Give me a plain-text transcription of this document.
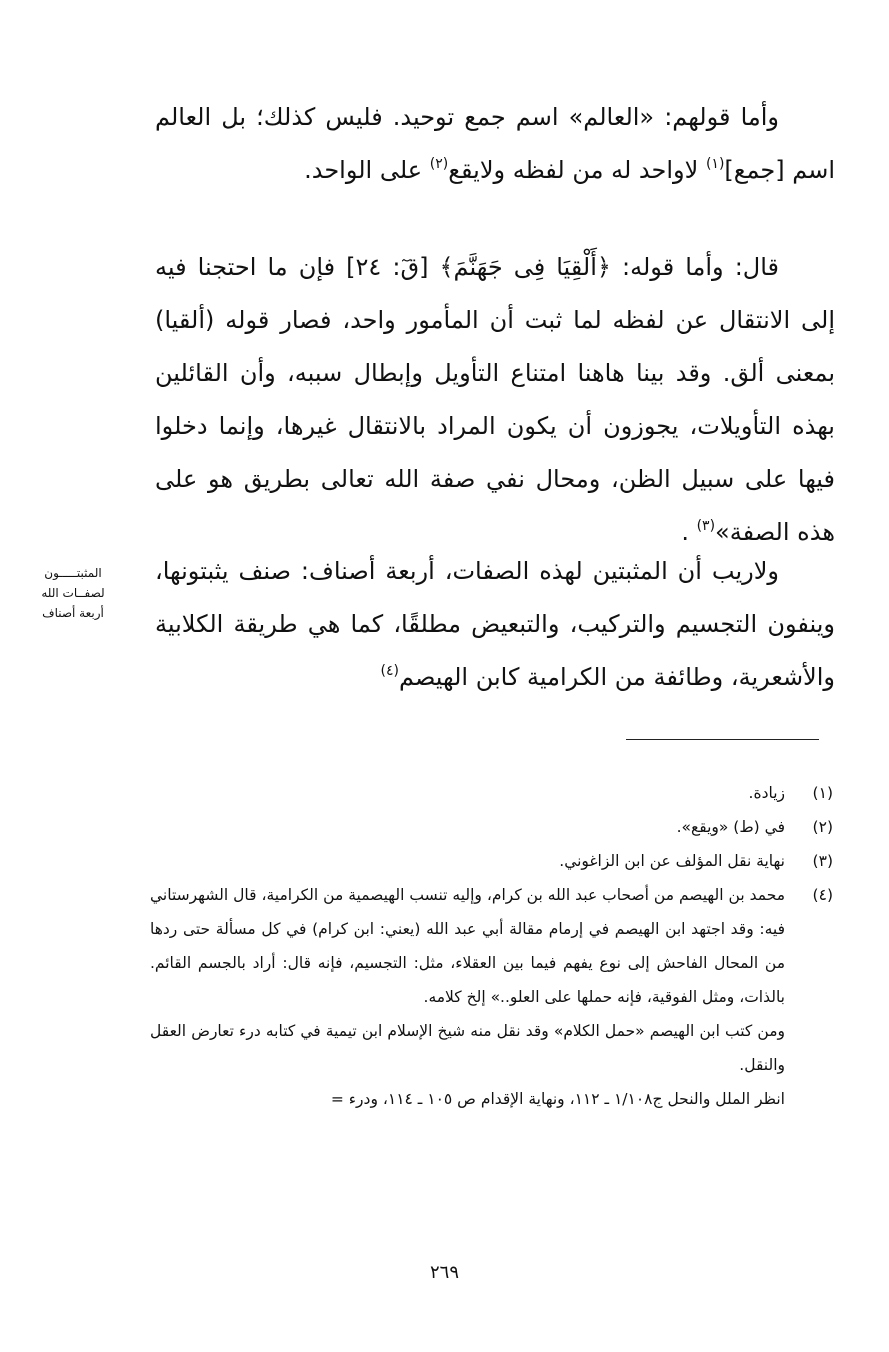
وأما قولهم: «العالم» اسم جمع توحيد. فليس كذلك؛ بل العالم اسم [جمع]$^{(١)}$ لاواحد له من لفظه ولايقع$^{(٢)}$ على الواحد.

قال: وأما قوله: ﴿أَلْقِيَا فِى جَهَنَّمَ﴾ [قٓ: ٢٤] فإن ما احتجنا فيه إلى الانتقال عن لفظه لما ثبت أن المأمور واحد، فصار قوله (ألقيا) بمعنى ألق. وقد بينا هاهنا امتناع التأويل وإبطال سببه، وأن القائلين بهذه التأويلات، يجوزون أن يكون المراد بالانتقال غيرها، وإنما دخلوا فيها على سبيل الظن، ومحال نفي صفة الله تعالى بطريق هو على هذه الصفة»$^{(٣)}$ .

ولاريب أن المثبتين لهذه الصفات، أربعة أصناف: صنف يثبتونها، وينفون التجسيم والتركيب، والتبعيض مطلقًا، كما هي طريقة الكلابية والأشعرية، وطائفة من الكرامية كابن الهيصم$^{(٤)}$

المثبتـــــون
لصفــات الله
أربعة أصناف
(١)

زيادة.

(٢)

في (ط) «ويقع».

(٣)

نهاية نقل المؤلف عن ابن الزاغوني.

(٤)

محمد بن الهيصم من أصحاب عبد الله بن كرام، وإليه تنسب الهيصمية من الكرامية، قال الشهرستاني فيه: وقد اجتهد ابن الهيصم في إرمام مقالة أبي عبد الله (يعني: ابن كرام) في كل مسألة حتى ردها من المحال الفاحش إلى نوع يفهم فيما بين العقلاء، مثل: التجسيم، فإنه قال: أراد بالجسم القائم. بالذات، ومثل الفوقية، فإنه حملها على العلو..» إلخ كلامه.

ومن كتب ابن الهيصم «حمل الكلام» وقد نقل منه شيخ الإسلام ابن تيمية في كتابه درء تعارض العقل والنقل.

انظر الملل والنحل ج١/١٠٨ ـ ١١٢، ونهاية الإقدام ص ١٠٥ ـ ١١٤، ودرء =

٢٦٩
